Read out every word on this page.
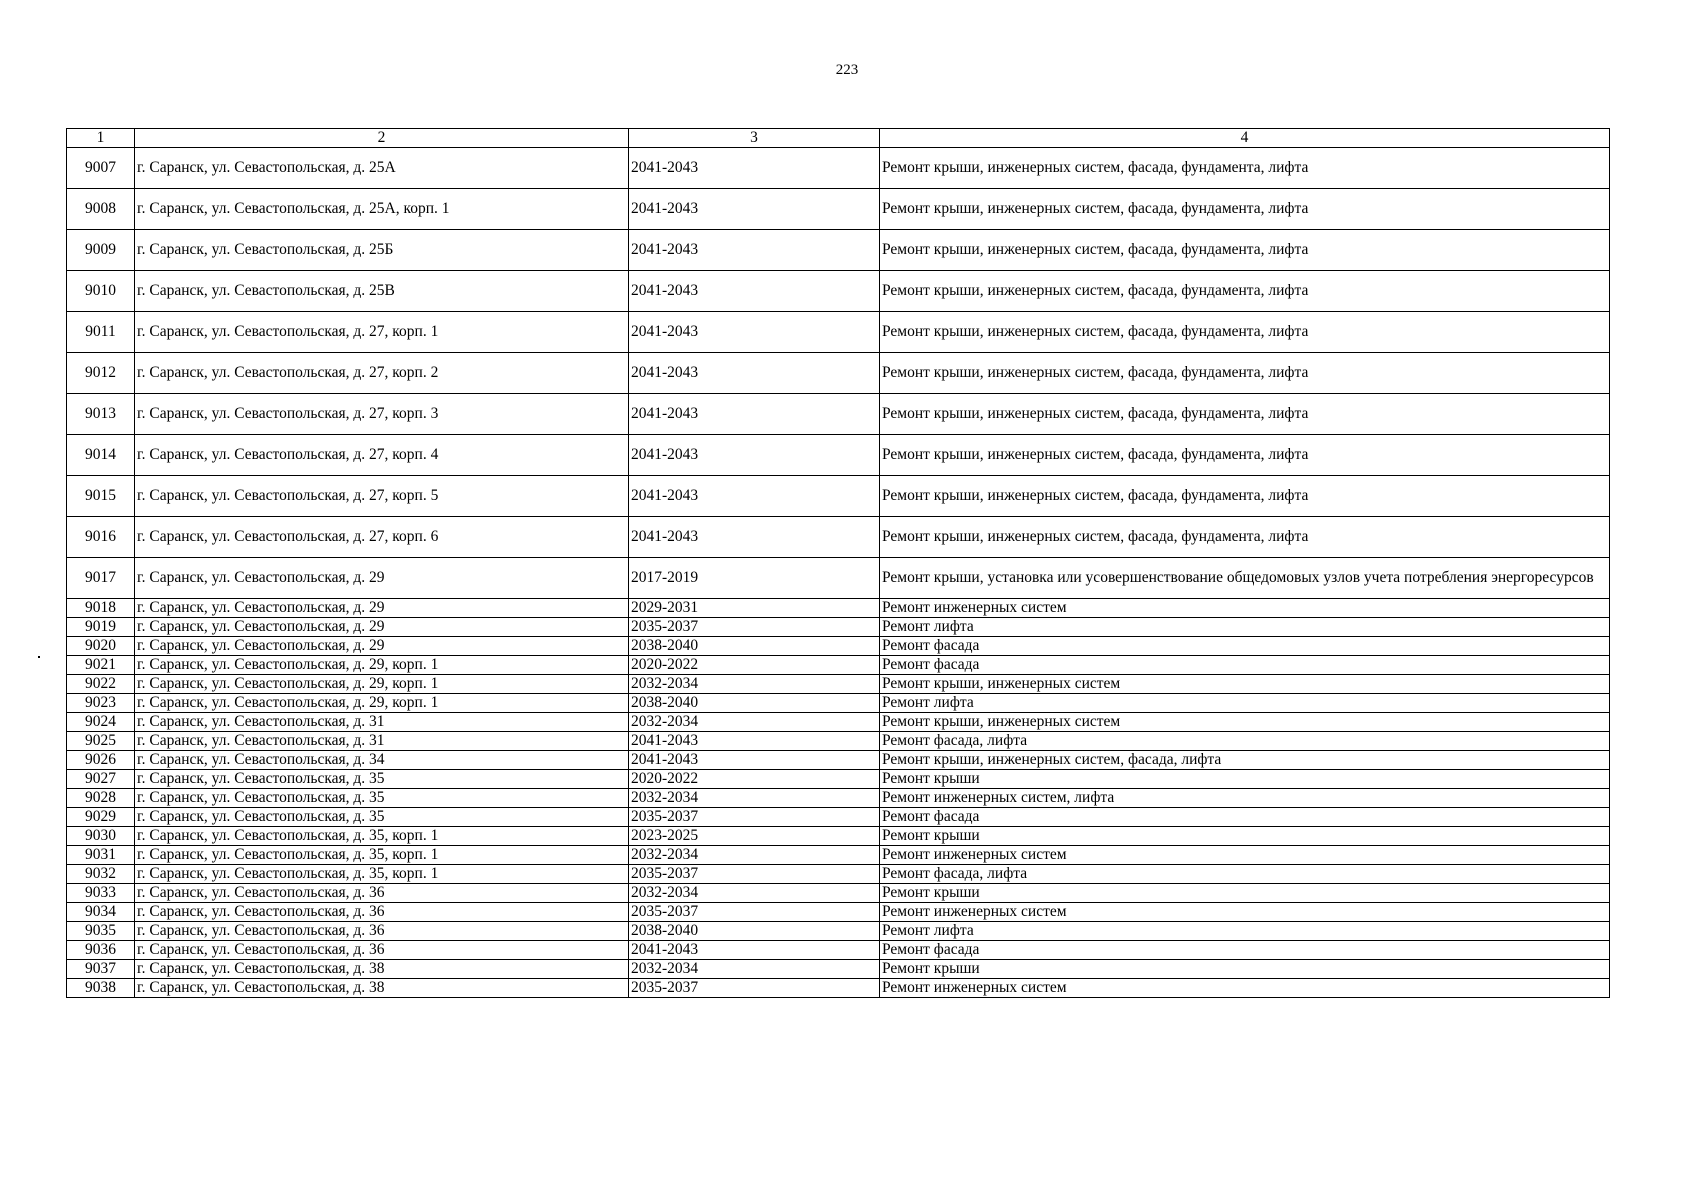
223
1	2	3	4
9007	г. Саранск, ул. Севастопольская, д. 25А	2041-2043	Ремонт крыши, инженерных систем, фасада, фундамента, лифта
9008	г. Саранск, ул. Севастопольская, д. 25А, корп. 1	2041-2043	Ремонт крыши, инженерных систем, фасада, фундамента, лифта
9009	г. Саранск, ул. Севастопольская, д. 25Б	2041-2043	Ремонт крыши, инженерных систем, фасада, фундамента, лифта
9010	г. Саранск, ул. Севастопольская, д. 25В	2041-2043	Ремонт крыши, инженерных систем, фасада, фундамента, лифта
9011	г. Саранск, ул. Севастопольская, д. 27, корп. 1	2041-2043	Ремонт крыши, инженерных систем, фасада, фундамента, лифта
9012	г. Саранск, ул. Севастопольская, д. 27, корп. 2	2041-2043	Ремонт крыши, инженерных систем, фасада, фундамента, лифта
9013	г. Саранск, ул. Севастопольская, д. 27, корп. 3	2041-2043	Ремонт крыши, инженерных систем, фасада, фундамента, лифта
9014	г. Саранск, ул. Севастопольская, д. 27, корп. 4	2041-2043	Ремонт крыши, инженерных систем, фасада, фундамента, лифта
9015	г. Саранск, ул. Севастопольская, д. 27, корп. 5	2041-2043	Ремонт крыши, инженерных систем, фасада, фундамента, лифта
9016	г. Саранск, ул. Севастопольская, д. 27, корп. 6	2041-2043	Ремонт крыши, инженерных систем, фасада, фундамента, лифта
9017	г. Саранск, ул. Севастопольская, д. 29	2017-2019	Ремонт крыши, установка или усовершенствование общедомовых узлов учета потребления энергоресурсов
9018	г. Саранск, ул. Севастопольская, д. 29	2029-2031	Ремонт инженерных систем
9019	г. Саранск, ул. Севастопольская, д. 29	2035-2037	Ремонт лифта
9020	г. Саранск, ул. Севастопольская, д. 29	2038-2040	Ремонт фасада
9021	г. Саранск, ул. Севастопольская, д. 29, корп. 1	2020-2022	Ремонт фасада
9022	г. Саранск, ул. Севастопольская, д. 29, корп. 1	2032-2034	Ремонт крыши, инженерных систем
9023	г. Саранск, ул. Севастопольская, д. 29, корп. 1	2038-2040	Ремонт лифта
9024	г. Саранск, ул. Севастопольская, д. 31	2032-2034	Ремонт крыши, инженерных систем
9025	г. Саранск, ул. Севастопольская, д. 31	2041-2043	Ремонт фасада, лифта
9026	г. Саранск, ул. Севастопольская, д. 34	2041-2043	Ремонт крыши, инженерных систем, фасада, лифта
9027	г. Саранск, ул. Севастопольская, д. 35	2020-2022	Ремонт крыши
9028	г. Саранск, ул. Севастопольская, д. 35	2032-2034	Ремонт инженерных систем, лифта
9029	г. Саранск, ул. Севастопольская, д. 35	2035-2037	Ремонт фасада
9030	г. Саранск, ул. Севастопольская, д. 35, корп. 1	2023-2025	Ремонт крыши
9031	г. Саранск, ул. Севастопольская, д. 35, корп. 1	2032-2034	Ремонт инженерных систем
9032	г. Саранск, ул. Севастопольская, д. 35, корп. 1	2035-2037	Ремонт фасада, лифта
9033	г. Саранск, ул. Севастопольская, д. 36	2032-2034	Ремонт крыши
9034	г. Саранск, ул. Севастопольская, д. 36	2035-2037	Ремонт инженерных систем
9035	г. Саранск, ул. Севастопольская, д. 36	2038-2040	Ремонт лифта
9036	г. Саранск, ул. Севастопольская, д. 36	2041-2043	Ремонт фасада
9037	г. Саранск, ул. Севастопольская, д. 38	2032-2034	Ремонт крыши
9038	г. Саранск, ул. Севастопольская, д. 38	2035-2037	Ремонт инженерных систем
